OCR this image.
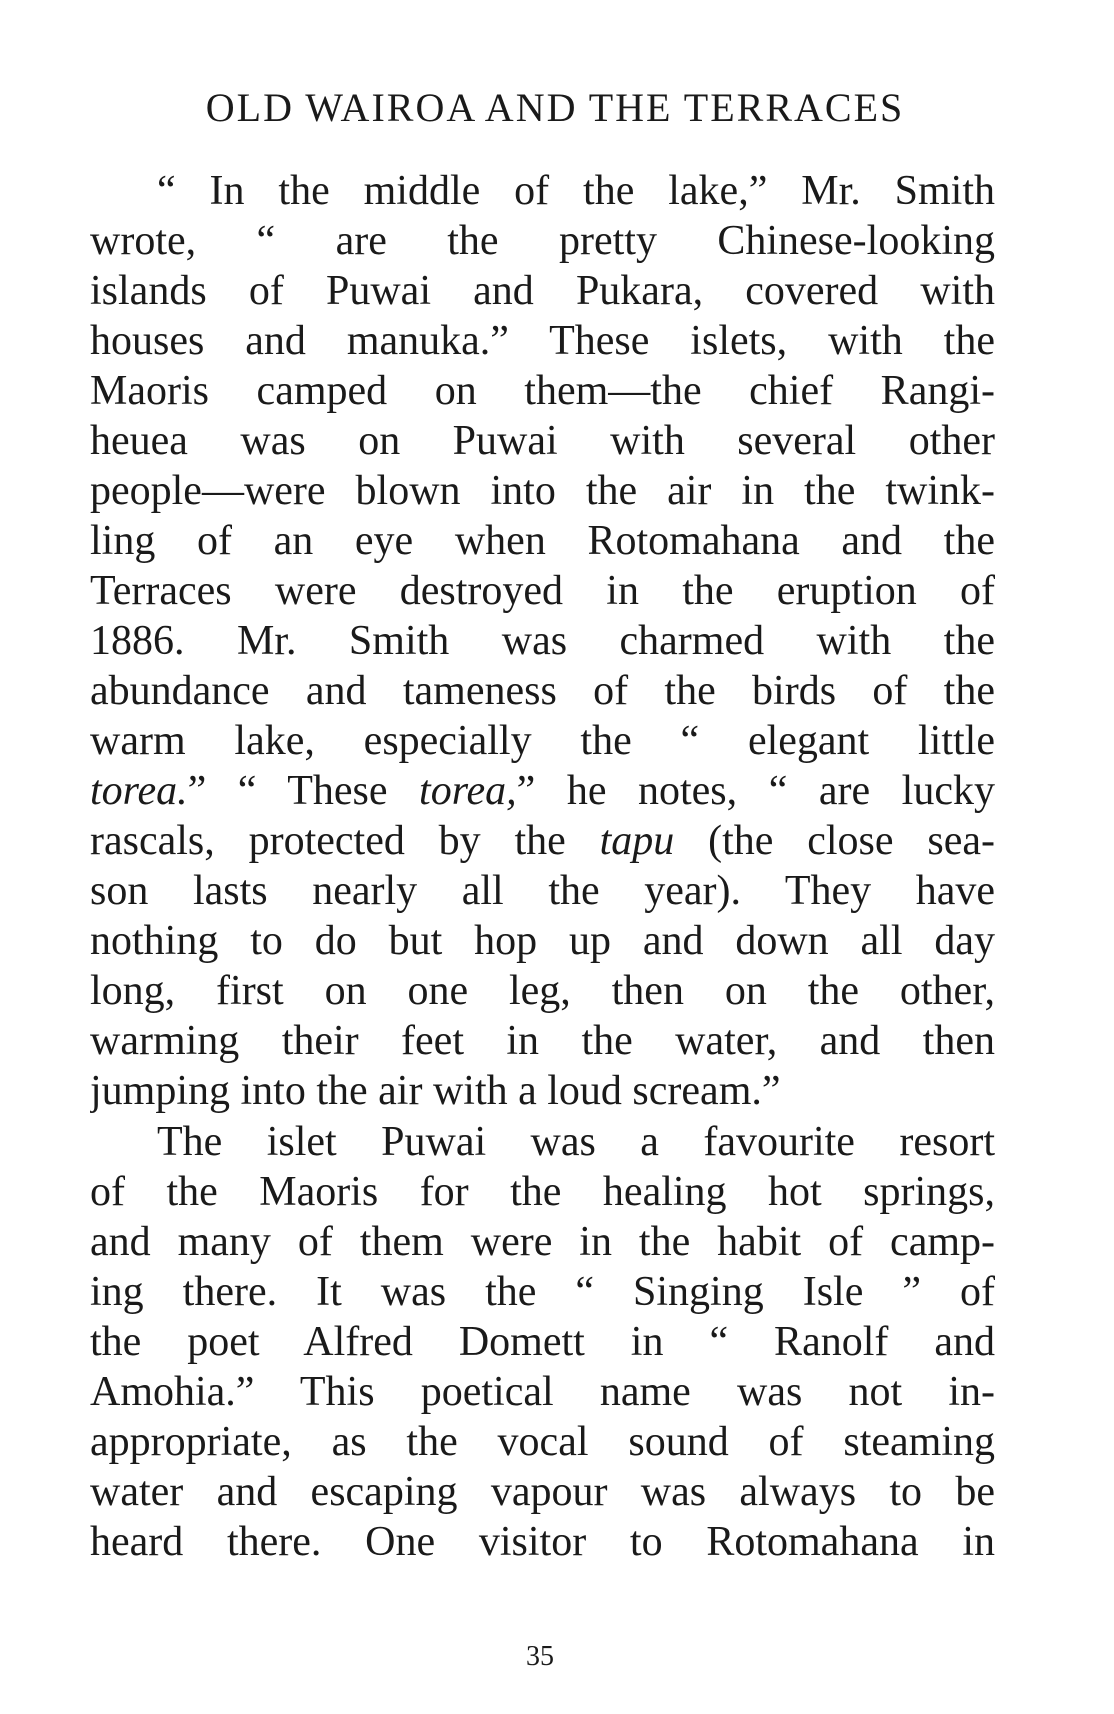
OLD WAIROA AND THE TERRACES
“ In the middle of the lake,” Mr. Smith
wrote, “ are the pretty Chinese-looking
islands of Puwai and Pukara, covered with
houses and manuka.” These islets, with the
Maoris camped on them—the chief Rangi-
heuea was on Puwai with several other
people—were blown into the air in the twink-
ling of an eye when Rotomahana and the
Terraces were destroyed in the eruption of
1886. Mr. Smith was charmed with the
abundance and tameness of the birds of the
warm lake, especially the “ elegant little
torea.” “ These torea,” he notes, “ are lucky
rascals, protected by the tapu (the close sea-
son lasts nearly all the year). They have
nothing to do but hop up and down all day
long, first on one leg, then on the other,
warming their feet in the water, and then
jumping into the air with a loud scream.”
The islet Puwai was a favourite resort
of the Maoris for the healing hot springs,
and many of them were in the habit of camp-
ing there. It was the “ Singing Isle ” of
the poet Alfred Domett in “ Ranolf and
Amohia.” This poetical name was not in-
appropriate, as the vocal sound of steaming
water and escaping vapour was always to be
heard there. One visitor to Rotomahana in
35
